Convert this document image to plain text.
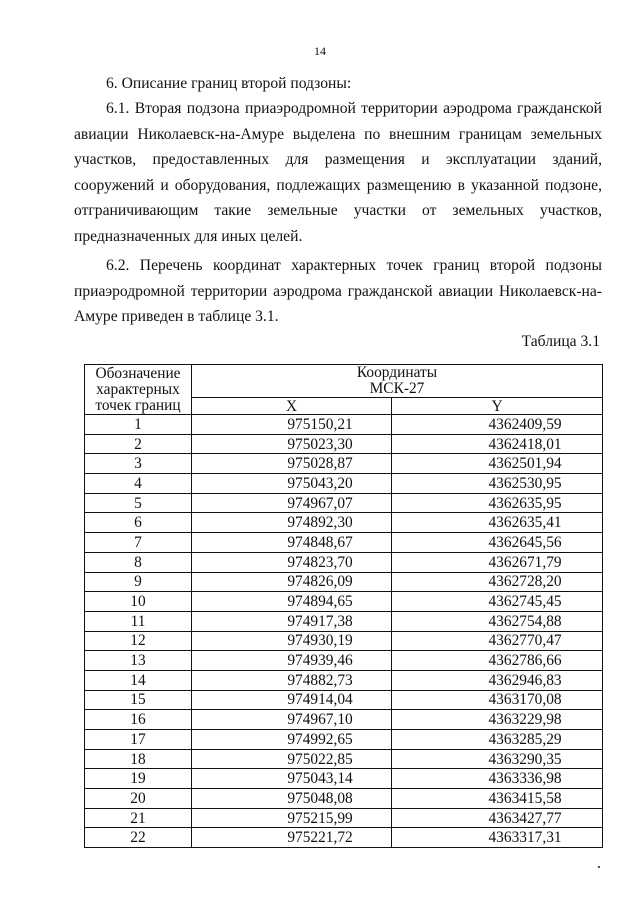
14

6. Описание границ второй подзоны:

6.1. Вторая подзона приаэродромной территории аэродрома гражданской авиации Николаевск-на-Амуре выделена по внешним границам земельных участков, предоставленных для размещения и эксплуатации зданий, сооружений и оборудования, подлежащих размещению в указанной подзоне, отграничивающим такие земельные участки от земельных участков, предназначенных для иных целей.

6.2. Перечень координат характерных точек границ второй подзоны приаэродромной территории аэродрома гражданской авиации Николаевск-на-Амуре приведен в таблице 3.1.

Таблица 3.1
Обозначение характерных точек границ	Координаты
МСК-27	

	X	Y
1	975150,21	4362409,59
2	975023,30	4362418,01
3	975028,87	4362501,94
4	975043,20	4362530,95
5	974967,07	4362635,95
6	974892,30	4362635,41
7	974848,67	4362645,56
8	974823,70	4362671,79
9	974826,09	4362728,20
10	974894,65	4362745,45
11	974917,38	4362754,88
12	974930,19	4362770,47
13	974939,46	4362786,66
14	974882,73	4362946,83
15	974914,04	4363170,08
16	974967,10	4363229,98
17	974992,65	4363285,29
18	975022,85	4363290,35
19	975043,14	4363336,98
20	975048,08	4363415,58
21	975215,99	4363427,77
22	975221,72	4363317,31
